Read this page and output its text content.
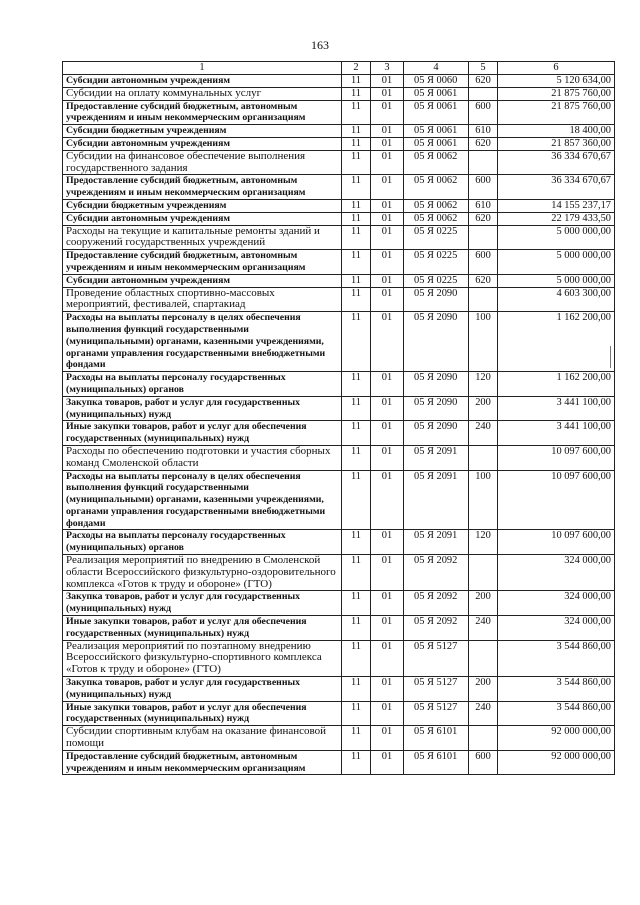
163
1	2	3	4	5	6
Субсидии автономным учреждениям	11	01	05 Я 0060	620	5 120 634,00
Субсидии на оплату коммунальных услуг	11	01	05 Я 0061		21 875 760,00
Предоставление субсидий бюджетным, автономным учреждениям и иным некоммерческим организациям	11	01	05 Я 0061	600	21 875 760,00
Субсидии бюджетным учреждениям	11	01	05 Я 0061	610	18 400,00
Субсидии автономным учреждениям	11	01	05 Я 0061	620	21 857 360,00
Субсидии на финансовое обеспечение выполнения государственного задания	11	01	05 Я 0062		36 334 670,67
Предоставление субсидий бюджетным, автономным учреждениям и иным некоммерческим организациям	11	01	05 Я 0062	600	36 334 670,67
Субсидии бюджетным учреждениям	11	01	05 Я 0062	610	14 155 237,17
Субсидии автономным учреждениям	11	01	05 Я 0062	620	22 179 433,50
Расходы на текущие и капитальные ремонты зданий и сооружений государственных учреждений	11	01	05 Я 0225		5 000 000,00
Предоставление субсидий бюджетным, автономным учреждениям и иным некоммерческим организациям	11	01	05 Я 0225	600	5 000 000,00
Субсидии автономным учреждениям	11	01	05 Я 0225	620	5 000 000,00
Проведение областных спортивно-массовых мероприятий, фестивалей, спартакиад	11	01	05 Я 2090		4 603 300,00
Расходы на выплаты персоналу в целях обеспечения выполнения функций государственными (муниципальными) органами, казенными учреждениями, органами управления государственными внебюджетными фондами	11	01	05 Я 2090	100	1 162 200,00
Расходы на выплаты персоналу государственных (муниципальных) органов	11	01	05 Я 2090	120	1 162 200,00
Закупка товаров, работ и услуг для государственных (муниципальных) нужд	11	01	05 Я 2090	200	3 441 100,00
Иные закупки товаров, работ и услуг для обеспечения государственных (муниципальных) нужд	11	01	05 Я 2090	240	3 441 100,00
Расходы по обеспечению подготовки и участия сборных команд Смоленской области	11	01	05 Я 2091		10 097 600,00
Расходы на выплаты персоналу в целях обеспечения выполнения функций государственными (муниципальными) органами, казенными учреждениями, органами управления государственными внебюджетными фондами	11	01	05 Я 2091	100	10 097 600,00
Расходы на выплаты персоналу государственных (муниципальных) органов	11	01	05 Я 2091	120	10 097 600,00
Реализация мероприятий по внедрению в Смоленской области Всероссийского физкультурно-оздоровительного комплекса «Готов к труду и обороне» (ГТО)	11	01	05 Я 2092		324 000,00
Закупка товаров, работ и услуг для государственных (муниципальных) нужд	11	01	05 Я 2092	200	324 000,00
Иные закупки товаров, работ и услуг для обеспечения государственных (муниципальных) нужд	11	01	05 Я 2092	240	324 000,00
Реализация мероприятий по поэтапному внедрению Всероссийского физкультурно-спортивного комплекса «Готов к труду и обороне» (ГТО)	11	01	05 Я 5127		3 544 860,00
Закупка товаров, работ и услуг для государственных (муниципальных) нужд	11	01	05 Я 5127	200	3 544 860,00
Иные закупки товаров, работ и услуг для обеспечения государственных (муниципальных) нужд	11	01	05 Я 5127	240	3 544 860,00
Субсидии спортивным клубам на оказание финансовой помощи	11	01	05 Я 6101		92 000 000,00
Предоставление субсидий бюджетным, автономным учреждениям и иным некоммерческим организациям	11	01	05 Я 6101	600	92 000 000,00
